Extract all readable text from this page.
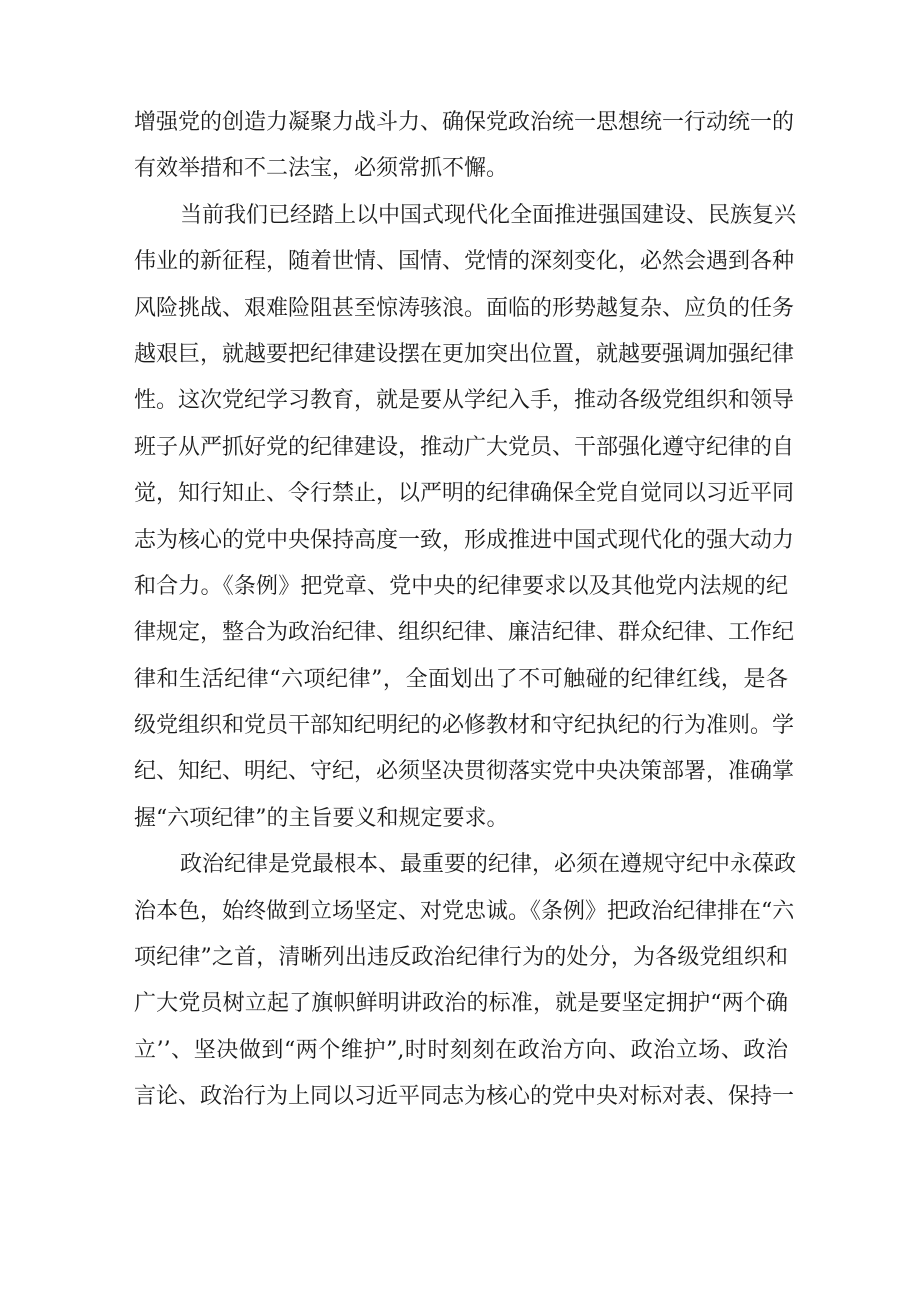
增强党的创造力凝聚力战斗力、确保党政治统一思想统一行动统一的
有效举措和不二法宝，必须常抓不懈。

当前我们已经踏上以中国式现代化全面推进强国建设、民族复兴
伟业的新征程，随着世情、国情、党情的深刻变化，必然会遇到各种
风险挑战、艰难险阻甚至惊涛骇浪。面临的形势越复杂、应负的任务
越艰巨，就越要把纪律建设摆在更加突出位置，就越要强调加强纪律
性。这次党纪学习教育，就是要从学纪入手，推动各级党组织和领导
班子从严抓好党的纪律建设，推动广大党员、干部强化遵守纪律的自
觉，知行知止、令行禁止，以严明的纪律确保全党自觉同以习近平同
志为核心的党中央保持高度一致，形成推进中国式现代化的强大动力
和合力。《条例》把党章、党中央的纪律要求以及其他党内法规的纪
律规定，整合为政治纪律、组织纪律、廉洁纪律、群众纪律、工作纪
律和生活纪律“六项纪律”，全面划出了不可触碰的纪律红线，是各
级党组织和党员干部知纪明纪的必修教材和守纪执纪的行为准则。学
纪、知纪、明纪、守纪，必须坚决贯彻落实党中央决策部署，准确掌
握“六项纪律”的主旨要义和规定要求。

政治纪律是党最根本、最重要的纪律，必须在遵规守纪中永葆政
治本色，始终做到立场坚定、对党忠诚。《条例》把政治纪律排在“六
项纪律”之首，清晰列出违反政治纪律行为的处分，为各级党组织和
广大党员树立起了旗帜鲜明讲政治的标准，就是要坚定拥护“两个确
立’’、坚决做到“两个维护”,时时刻刻在政治方向、政治立场、政治
言论、政治行为上同以习近平同志为核心的党中央对标对表、保持一
